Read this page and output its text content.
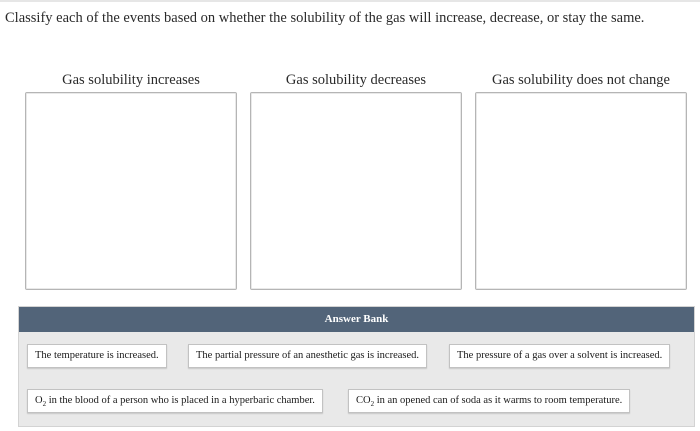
Classify each of the events based on whether the solubility of the gas will increase, decrease, or stay the same.
Gas solubility increases	Gas solubility decreases	Gas solubility does not change
Answer Bank
The temperature is increased.	The partial pressure of an anesthetic gas is increased.	The pressure of a gas over a solvent is increased.
$O_2$ in the blood of a person who is placed in a hyperbaric chamber.	$CO_2$ in an opened can of soda as it warms to room temperature.
